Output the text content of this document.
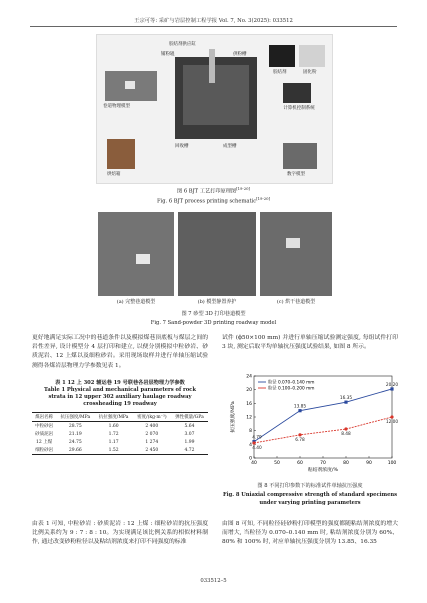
王宗可等: 采矿与岩层控制工程学报 Vol. 7, No. 3(2025): 033512
胶结剂供应缸
铺粉辊	供粉槽
卷道物理模型
胶结剂	固化粉
计算机控制系统
回收槽	成型槽
烘焙箱	数字模型
图 6 BJT 工艺打印原理图[19-20]
Fig. 6 BJT process printing schematic[19-20]
(a) 完整巷道模型	(b) 模型静置养护	(c) 烘干巷道模型
图 7 砂型 3D 打印巷道模型
Fig. 7 Sand-powder 3D printing roadway model
更好地满足实际工况中的巷道条件以及模拟煤巷顶底板与煤层之间的岩性差异, 设计模型分 4 层打印和建立, 以便分别模拟中粒砂岩、砂质泥岩、12 上煤以及细粒砂岩。采用现场取样并进行单轴压缩试验测得各煤岩层物理力学参数见表 1。
表 1 12 上 302 辅运巷 19 号联巷各岩层物理力学参数
Table 1 Physical and mechanical parameters of rock
strata in 12 upper 302 auxiliary haulage roadway
crossheading 19 roadway
煤岩名称	抗压强度/MPa	抗拉强度/MPa	密度/(kg·m⁻³)	弹性模量/GPa
中粒砂岩	28.75	1.60	2 400	5.64
砂质泥岩	21.19	1.72	2 070	3.07
12 上煤	24.75	1.17	1 274	1.99
细粒砂岩	29.66	1.52	2 450	4.72
由表 1 可知, 中粒砂岩 : 砂质泥岩 : 12 上煤 : 细粒砂岩的抗压强度比例关系约为 9 : 7 : 8 : 10。为实现满足该比例关系的相似材料制作, 通过改变砂粉粒径以及粘结剂浓度来打印不同强度的标准
试件 (ϕ50×100 mm) 并进行单轴压缩试验测定强度, 每组试件打印 3 块, 测定后取平均单轴抗压强度试验结果, 如图 8 所示。
0
4
8
12
16
20
24
40	50	60	70	80	90	100
粘结剂浓度/%
抗压强度/MPa
4.79
13.85
16.35
20.20
粒径 0.070–0.140 mm
4.40
6.78
8.48
12.00
粒径 0.100–0.200 mm
图 8 不同打印参数下的标准试件单轴抗压强度
Fig. 8 Uniaxial compressive strength of standard specimens
under varying printing parameters
由图 8 可知, 不同粒径硅砂粉打印模型的强度都随粘结剂浓度的增大而增大, 当粒径为 0.070–0.140 mm 时, 粘结剂浓度分别为 60%、80% 和 100% 时, 对应单轴抗压强度分别为 13.85、16.35
033512–5
